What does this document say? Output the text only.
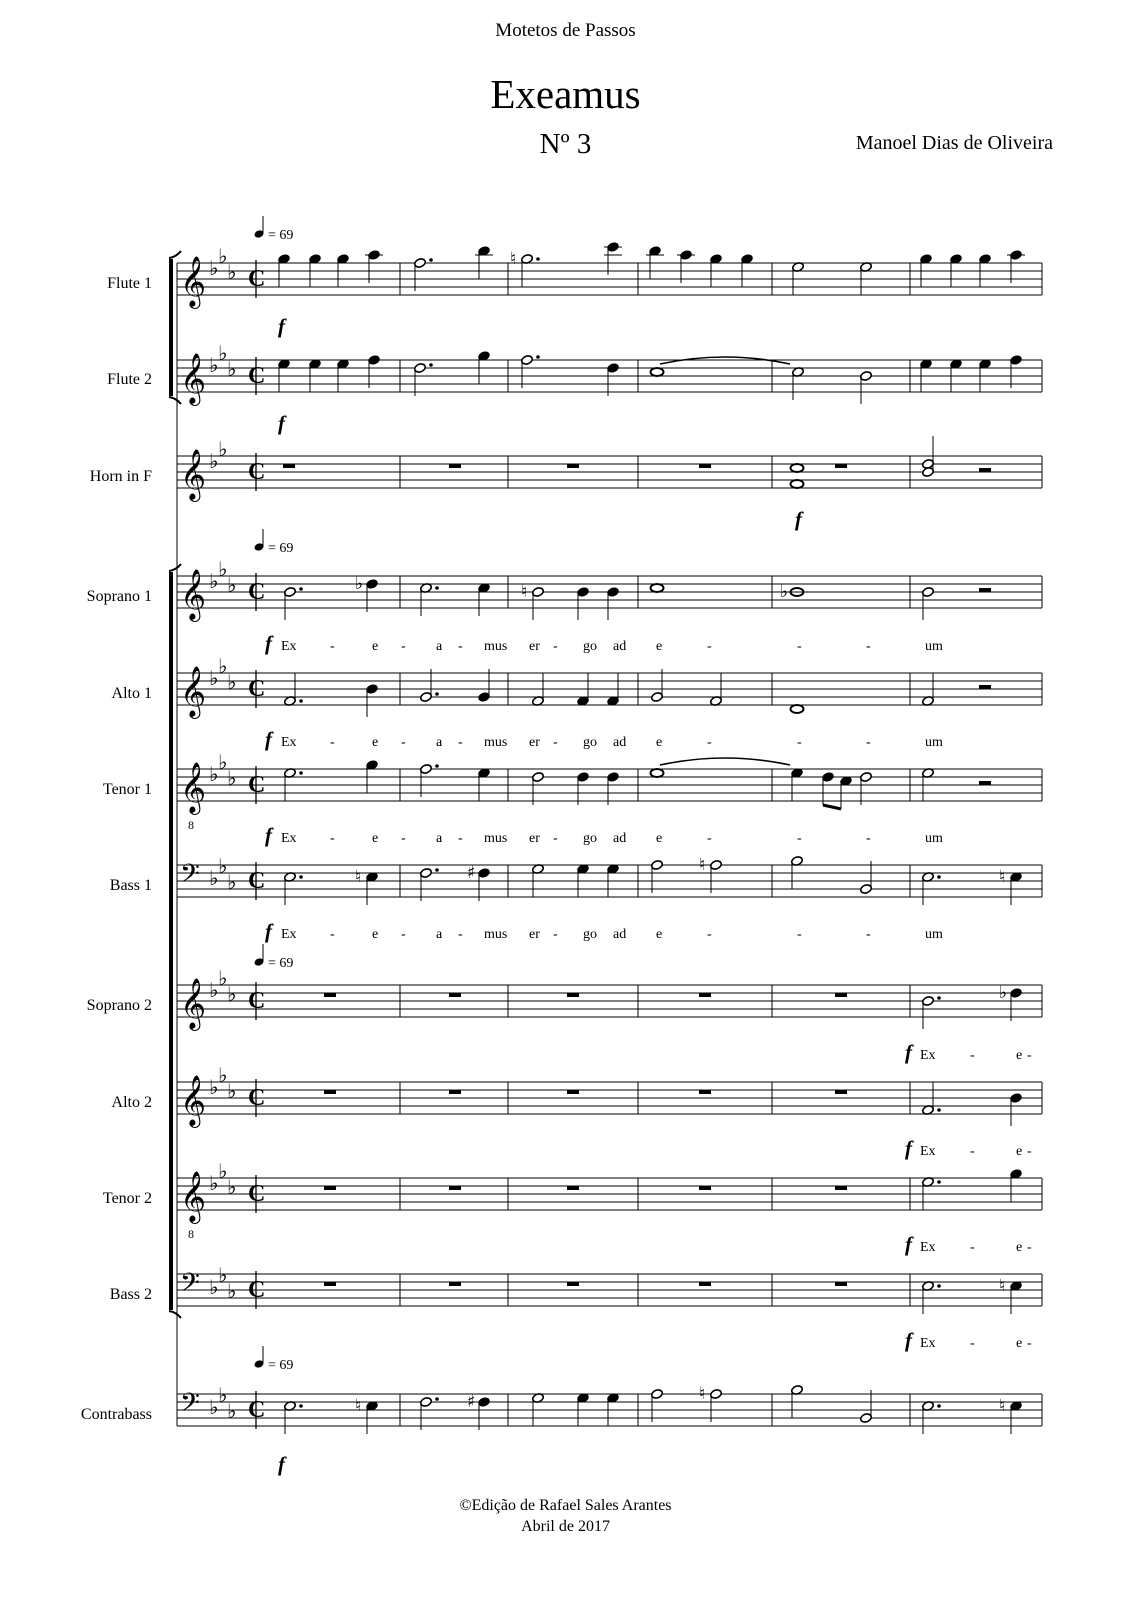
Motetos de Passos
Exeamus
Nº 3	Manoel Dias de Oliveira
Flute 1
Flute 2
Horn in F
Soprano 1
Alto 1
Tenor 1
Bass 1
Soprano 2
Alto 2
Tenor 2
Bass 2
Contrabass
𝄞 ♭ ♭
♭ C
𝄞 ♭ ♭
♭ C
𝄞 ♭ ♭
C
𝄞 ♭ ♭
♭ C
𝄞 ♭ ♭
♭ C
𝄞
8
♭ ♭
♭ C
𝄢 ♭ ♭
♭ C
𝄞 ♭ ♭
♭ C
𝄞 ♭ ♭
♭ C
𝄞
8
♭ ♭
♭ C
𝄢 ♭ ♭
♭ C
𝄢 ♭ ♭
♭ C
= 69
= 69
= 69
= 69
f
f
f
f
f
f
f
f
f
f
f
f
♮
♭	♮	♭
♮	♯	♮
♮
♮	♯	♮
♮
♭
♮
Ex -	e - a - mus er - go ad e	-	-	-	um
Ex -	e - a - mus er - go ad e	-	-	-	um
Ex -	e - a - mus er - go ad e	-	-	-	um
Ex -	e - a - mus er - go ad e	-	-	-	um
Ex -	e -
Ex -	e -
Ex -	e -
Ex -	e -
©Edição de Rafael Sales Arantes
Abril de 2017
